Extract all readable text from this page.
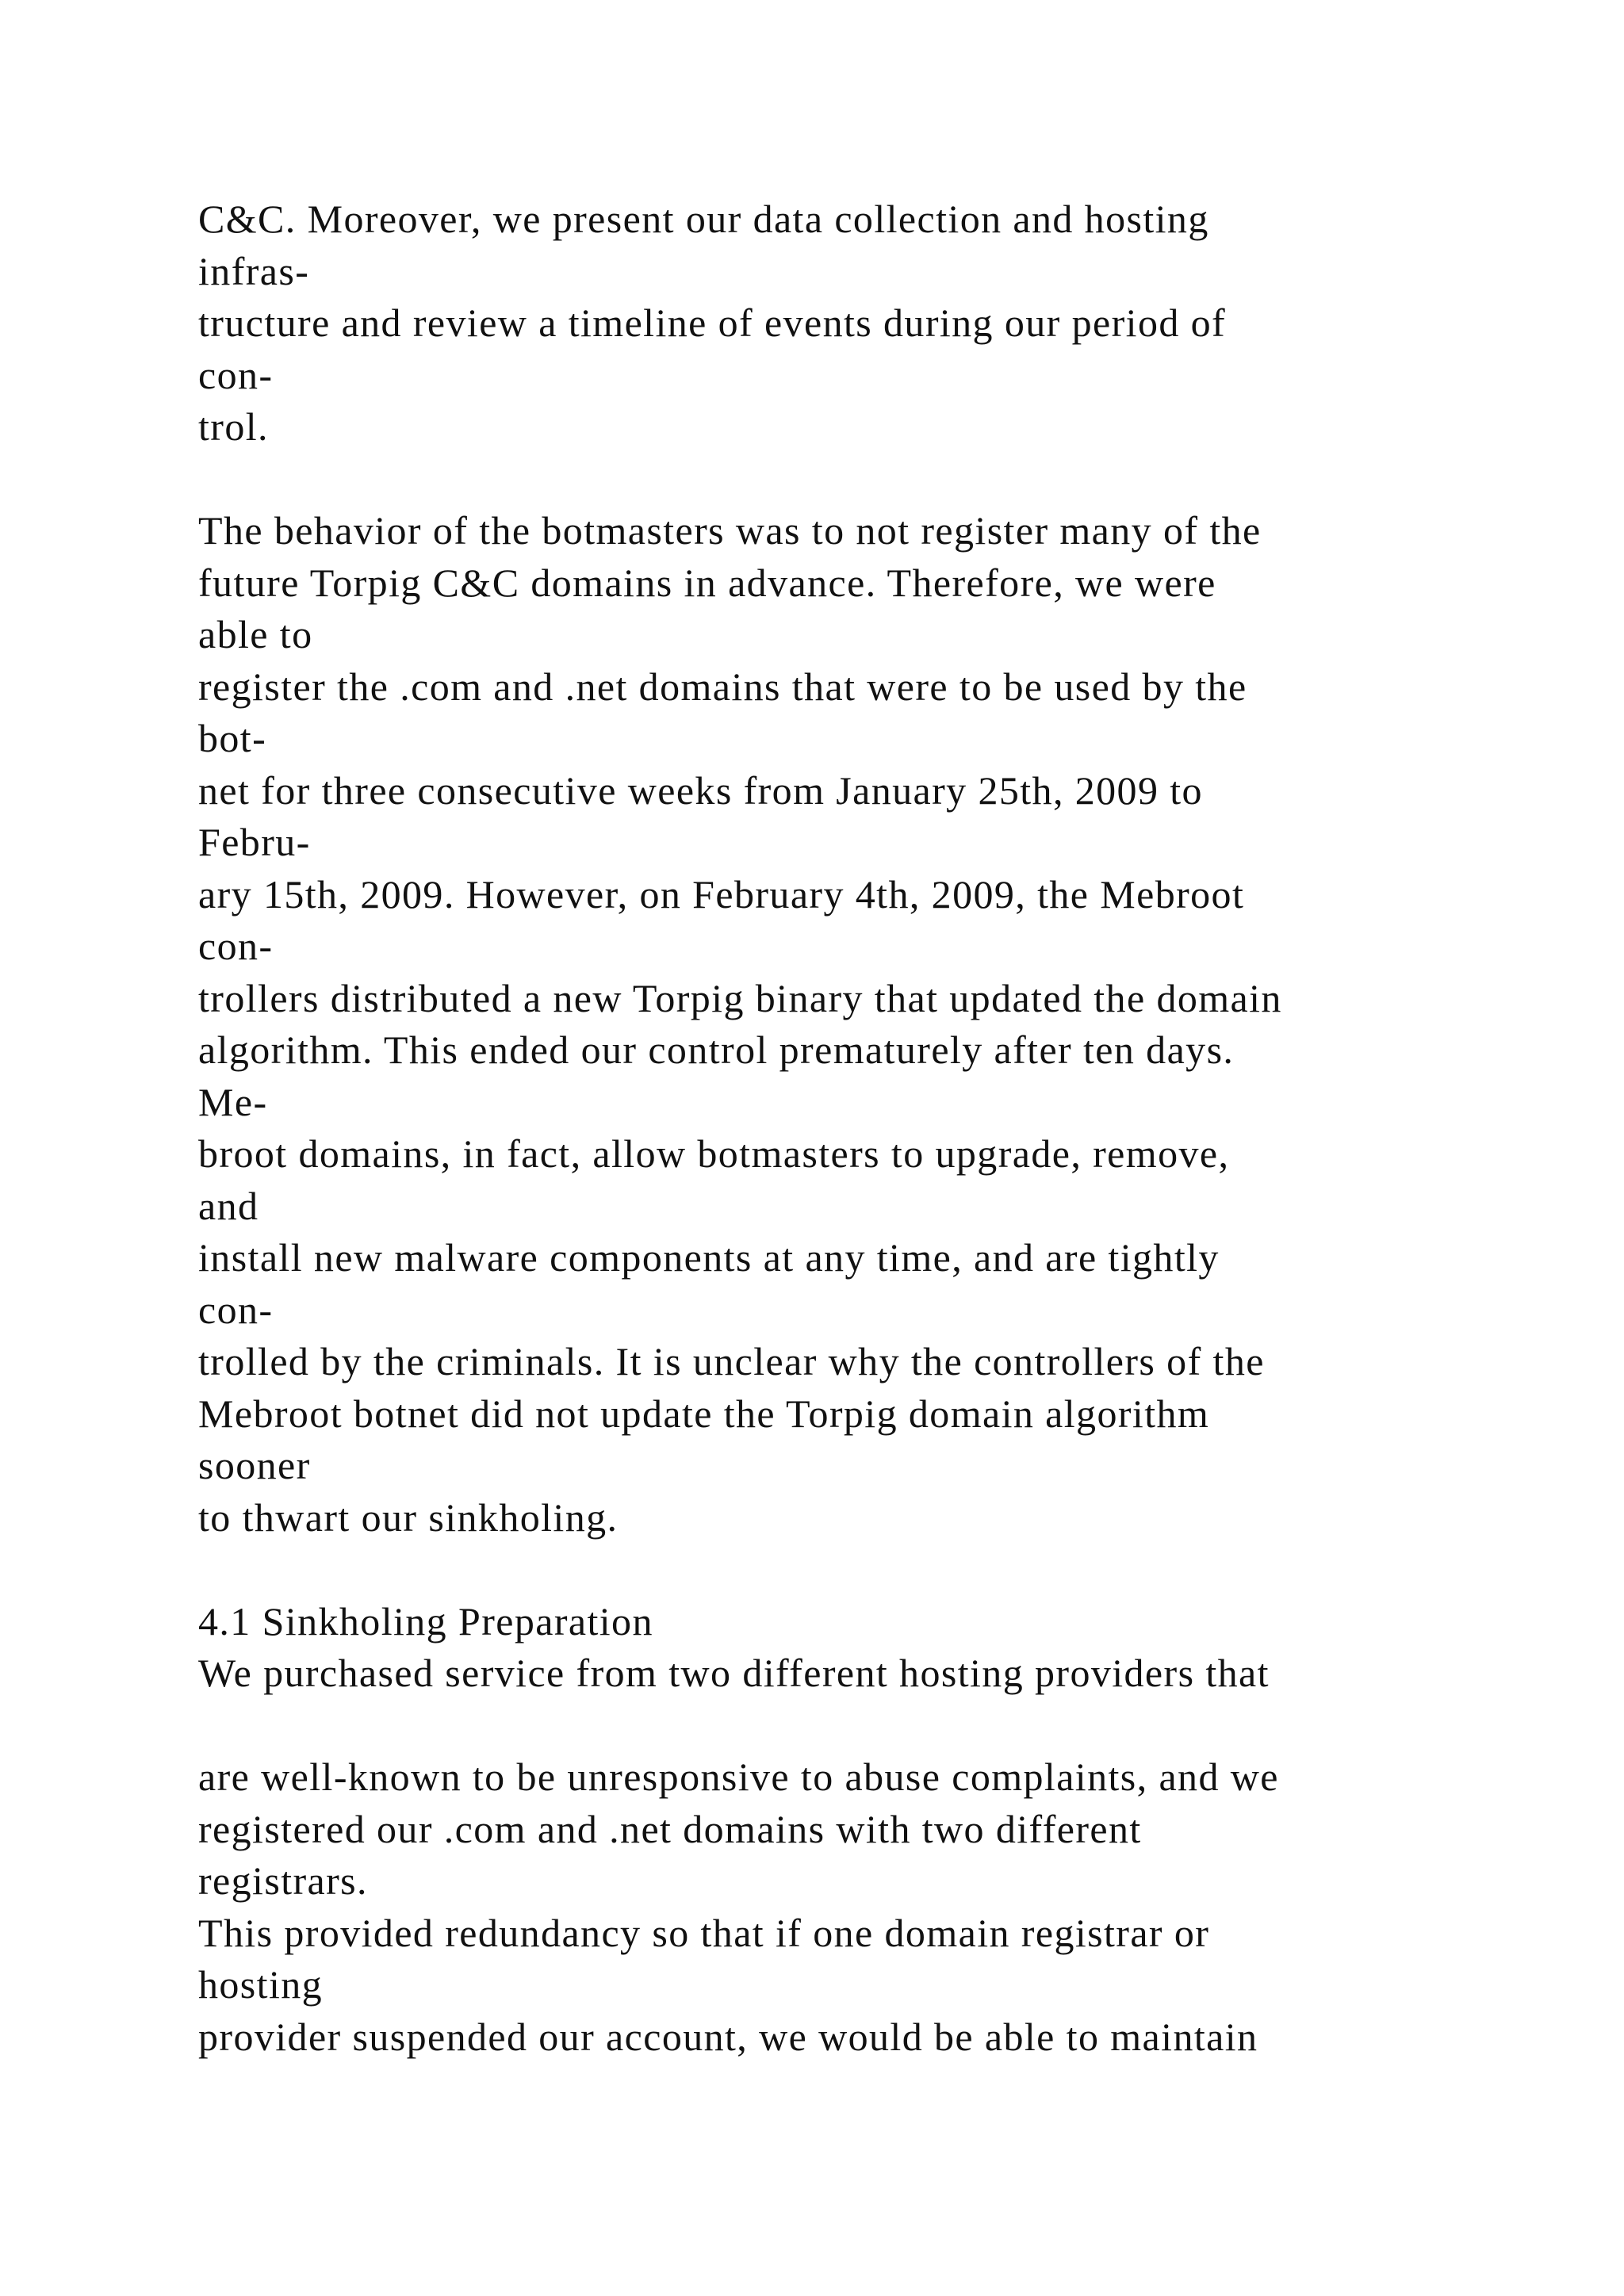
C&C. Moreover, we present our data collection and hosting
infras-
tructure and review a timeline of events during our period of
con-
trol.
The behavior of the botmasters was to not register many of the
future Torpig C&C domains in advance. Therefore, we were
able to
register the .com and .net domains that were to be used by the
bot-
net for three consecutive weeks from January 25th, 2009 to
Febru-
ary 15th, 2009. However, on February 4th, 2009, the Mebroot
con-
trollers distributed a new Torpig binary that updated the domain
algorithm. This ended our control prematurely after ten days.
Me-
broot domains, in fact, allow botmasters to upgrade, remove,
and
install new malware components at any time, and are tightly
con-
trolled by the criminals. It is unclear why the controllers of the
Mebroot botnet did not update the Torpig domain algorithm
sooner
to thwart our sinkholing.
4.1 Sinkholing Preparation
We purchased service from two different hosting providers that
are well-known to be unresponsive to abuse complaints, and we
registered our .com and .net domains with two different
registrars.
This provided redundancy so that if one domain registrar or
hosting
provider suspended our account, we would be able to maintain
